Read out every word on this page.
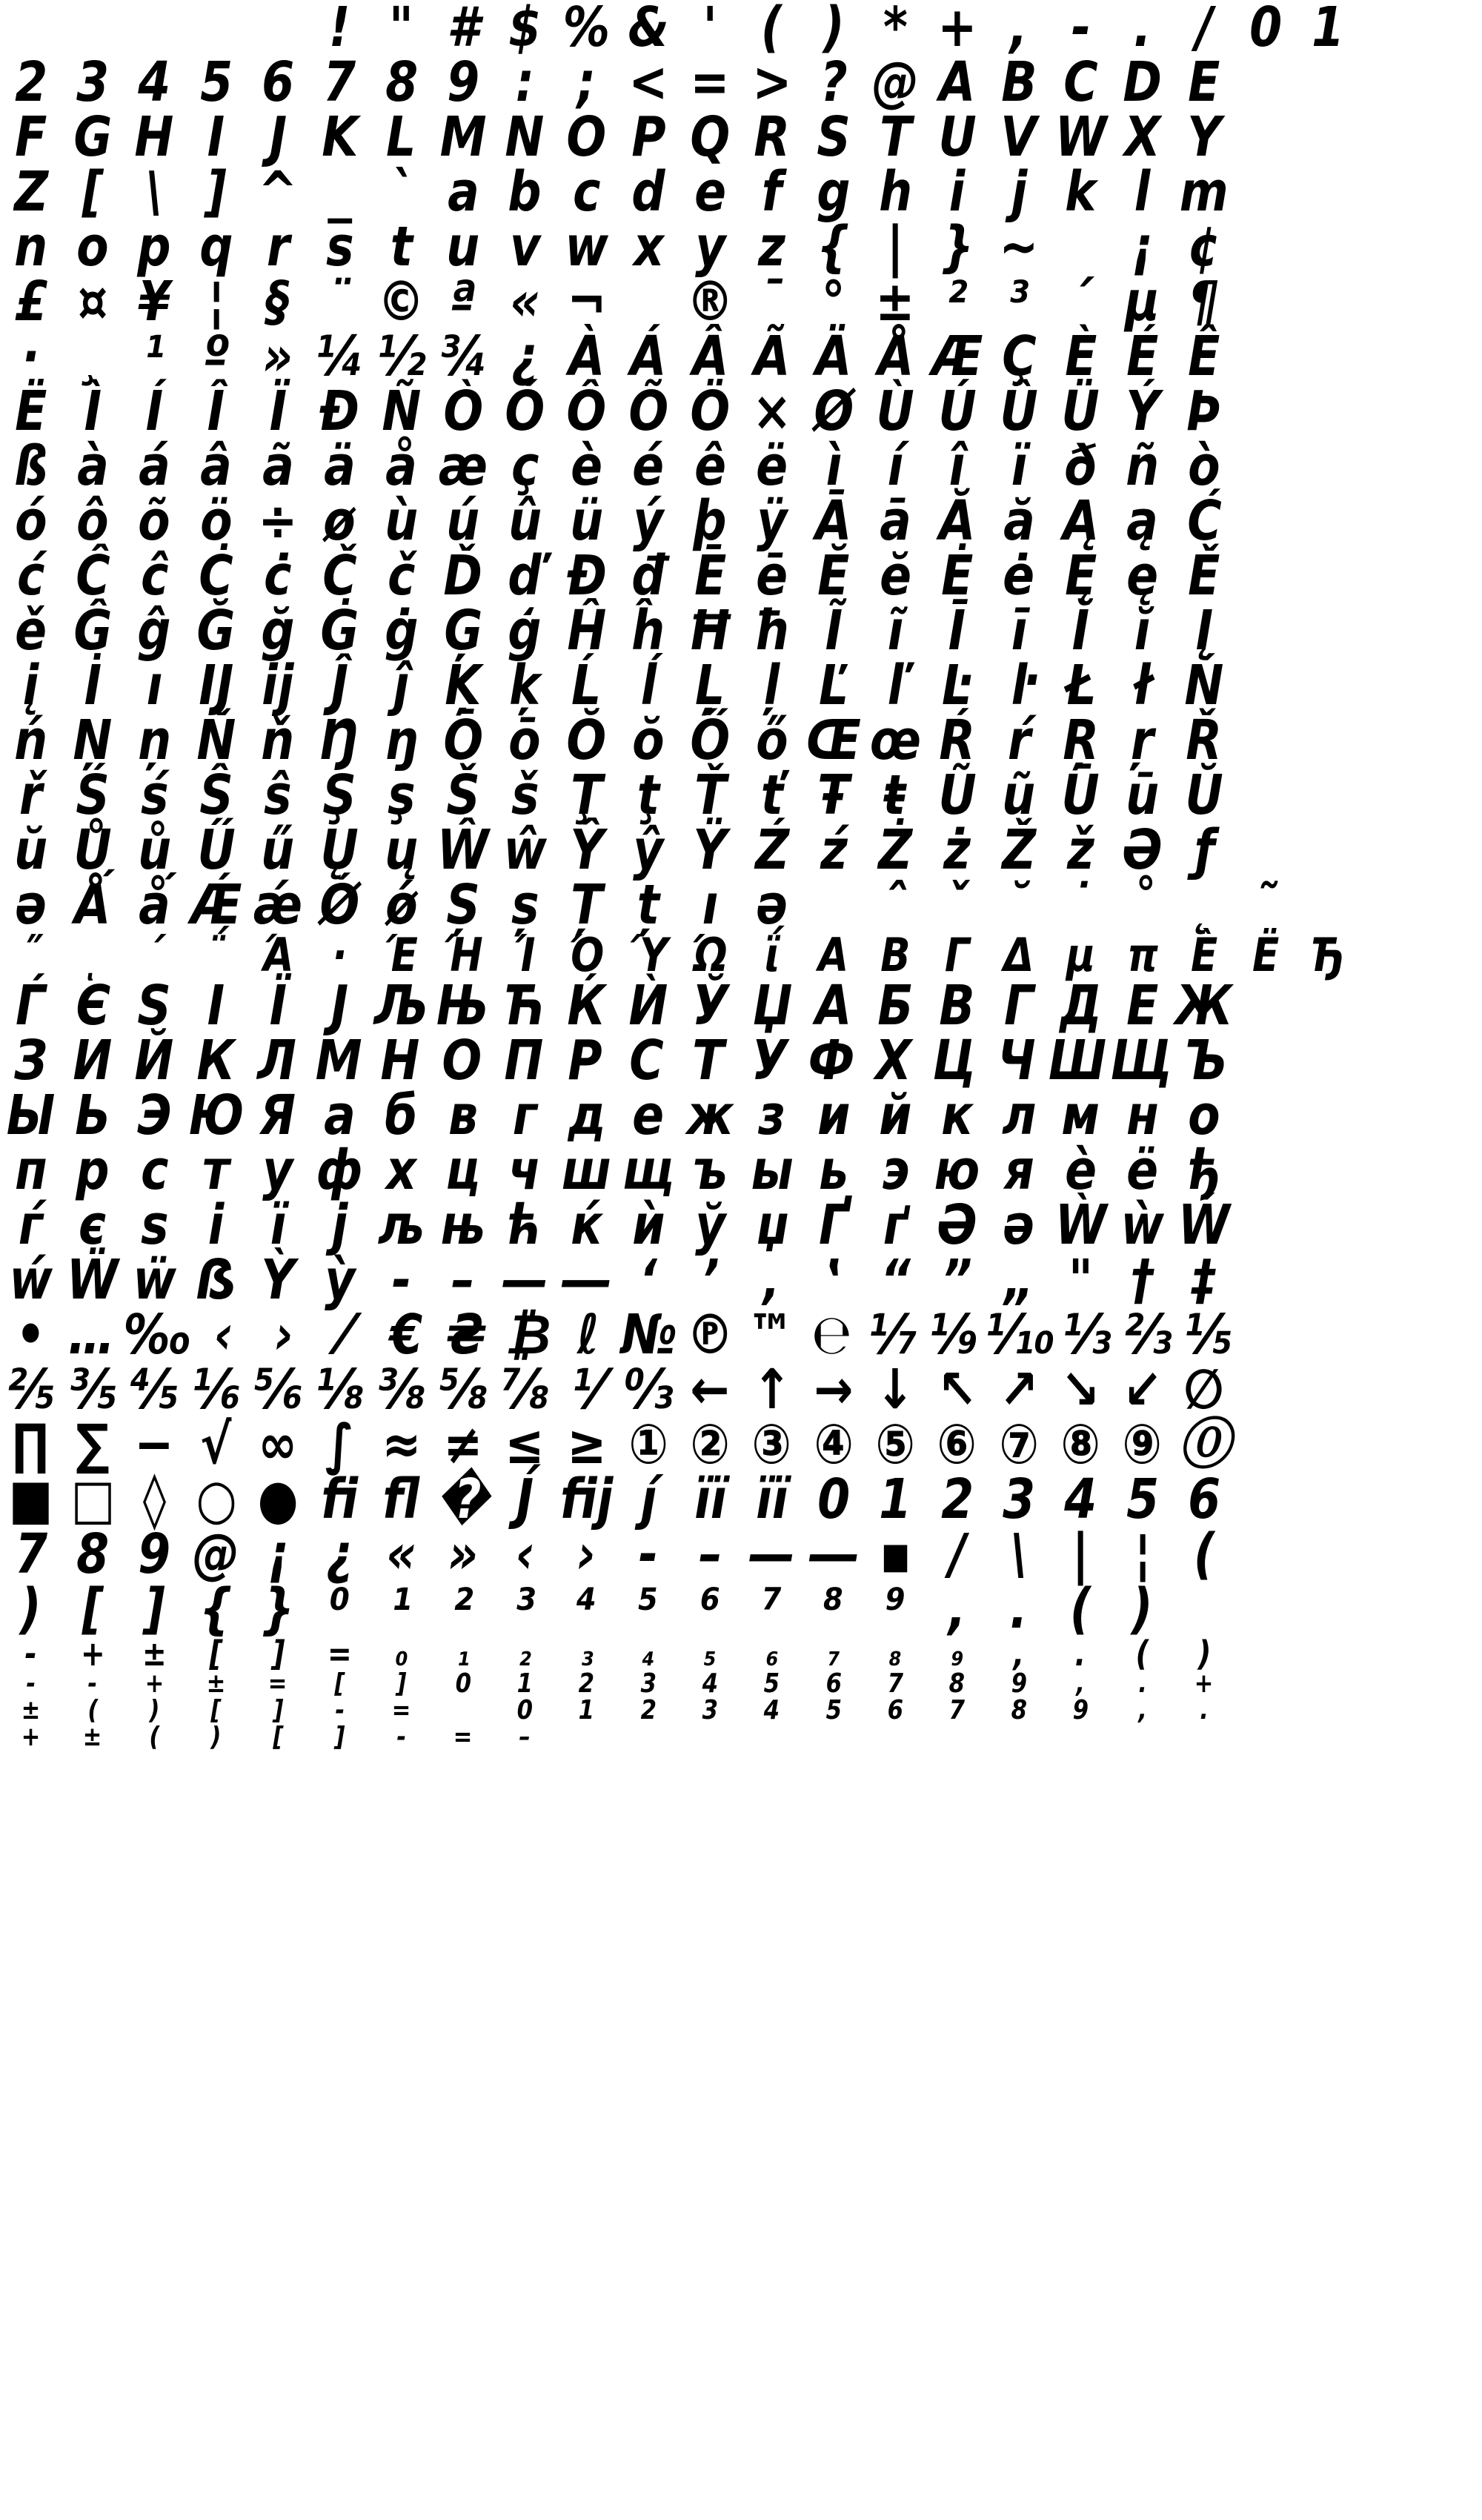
! " # $ % & ' ( ) * + , - . / 0 1
2 3 4 5 6 7 8 9 : ; < = > ? @ A B C D E
F G H I J K L M N O P Q R S T U V W X Y
Z [ \ ] ^ _ ` a b c d e f g h i j k l m
n o p q r s t u v w x y z { | } ~ ¡ ¢
£ ¤ ¥ ¦ § ¨ © ª « ¬ ® ¯ ° ± ² ³ ´ µ ¶
· ¸ ¹ º » ¼ ½ ¾ ¿ À Á Â Ã Ä Å Æ Ç È É Ê
Ë Ì Í Î Ï Ð Ñ Ò Ó Ô Õ Ö × Ø Ù Ú Û Ü Ý Þ
ß à á â ã ä å æ ç è é ê ë ì í î ï ð ñ ò
ó ô õ ö ÷ ø ù ú û ü ý þ ÿ Ā ā Ă ă Ą ą Ć
ć Ĉ ĉ Ċ ċ Č č Ď ď Đ đ Ē ē Ĕ ĕ Ė ė Ę ę Ě
ě Ĝ ĝ Ğ ğ Ġ ġ Ģ ģ Ĥ ĥ Ħ ħ Ĩ ĩ Ī ī Ĭ ĭ Į
į İ ı Ĳ ĳ Ĵ ĵ Ķ ķ Ĺ ĺ Ļ ļ Ľ ľ Ŀ ŀ Ł ł Ń
ń Ņ ņ Ň ň Ŋ ŋ Ō ō Ŏ ŏ Ő ő Œ œ Ŕ ŕ Ŗ ŗ Ř
ř Ś ś Ŝ ŝ Ş ş Š š Ţ ţ Ť ť Ŧ ŧ Ũ ũ Ū ū Ŭ
ŭ Ů ů Ű ű Ų ų Ŵ ŵ Ŷ ŷ Ÿ Ź ź Ż ż Ž ž Ə ƒ
ə Ǻ ǻ Ǽ ǽ Ǿ ǿ Ș ș Ț ț ı ə ˆ ˇ ˘ ˙ ˚ ˛ ˜
˝ ͺ ΄ ΅ Ά · Έ Ή Ί Ό Ύ Ώ ΐ Α Β Γ Δ µ π È Ë Ђ
Ѓ Є Ѕ І Ї Ј Љ Њ Ћ Ќ Ѝ Ў Џ А Б В Г Д Е Ж
З И Й К Л М Н О П Р С Т У Ф Х Ц Ч Ш Щ Ъ
Ы Ь Э Ю Я а б в г д е ж з и й к л м н о
п р с т у ф х ц ч ш щ ъ ы ь э ю я è ë ђ
ѓ є ѕ і ї ј љ њ ћ ќ ѝ ў џ Ґ ґ Ə ə Ẁ ẁ Ẃ
ẃ Ẅ ẅ ẞ Ỳ ỳ ‐ – — ― ‘ ’ ‚ ‛ “ ” „ " † ‡
• … ‰ ‹ › ⁄ € ₴ ₿ ℓ № ℗ ™ ℮ ⅐ ⅑ ⅒ ⅓ ⅔ ⅕
⅖ ⅗ ⅘ ⅙ ⅚ ⅛ ⅜ ⅝ ⅞ ⅟ ↉ ← ↑ → ↓ ↖ ↗ ↘ ↙ ∅
∏ ∑ − √ ∞ ∫ ≈ ≠ ≤ ≥ ① ② ③ ④ ⑤ ⑥ ⑦ ⑧ ⑨ ⓪
■ □ ◊ ○ ● ﬁ ﬂ � Ј́ ﬁj ȷ́ ïï ïï 0 1 2 3 4 5 6
7 8 9 @ ¡ ¿ « » ‹ › - – — ― ▪ / \ | ¦ (
) [ ] { } ⁰ ¹ ² ³ ⁴ ⁵ ⁶ ⁷ ⁸ ⁹ , . ( )
- + ± [ ] = ₀ ₁ ₂ ₃ ₄ ₅ ₆ ₇ ₈ ₉ , . ( )
- - + ± = [ ] 0 1 2 3 4 5 6 7 8 9 , . +
± ( ) [ ] - =	0 1 2 3 4 5 6 7 8 9 , .
+ ± ( ) [ ] - = –
